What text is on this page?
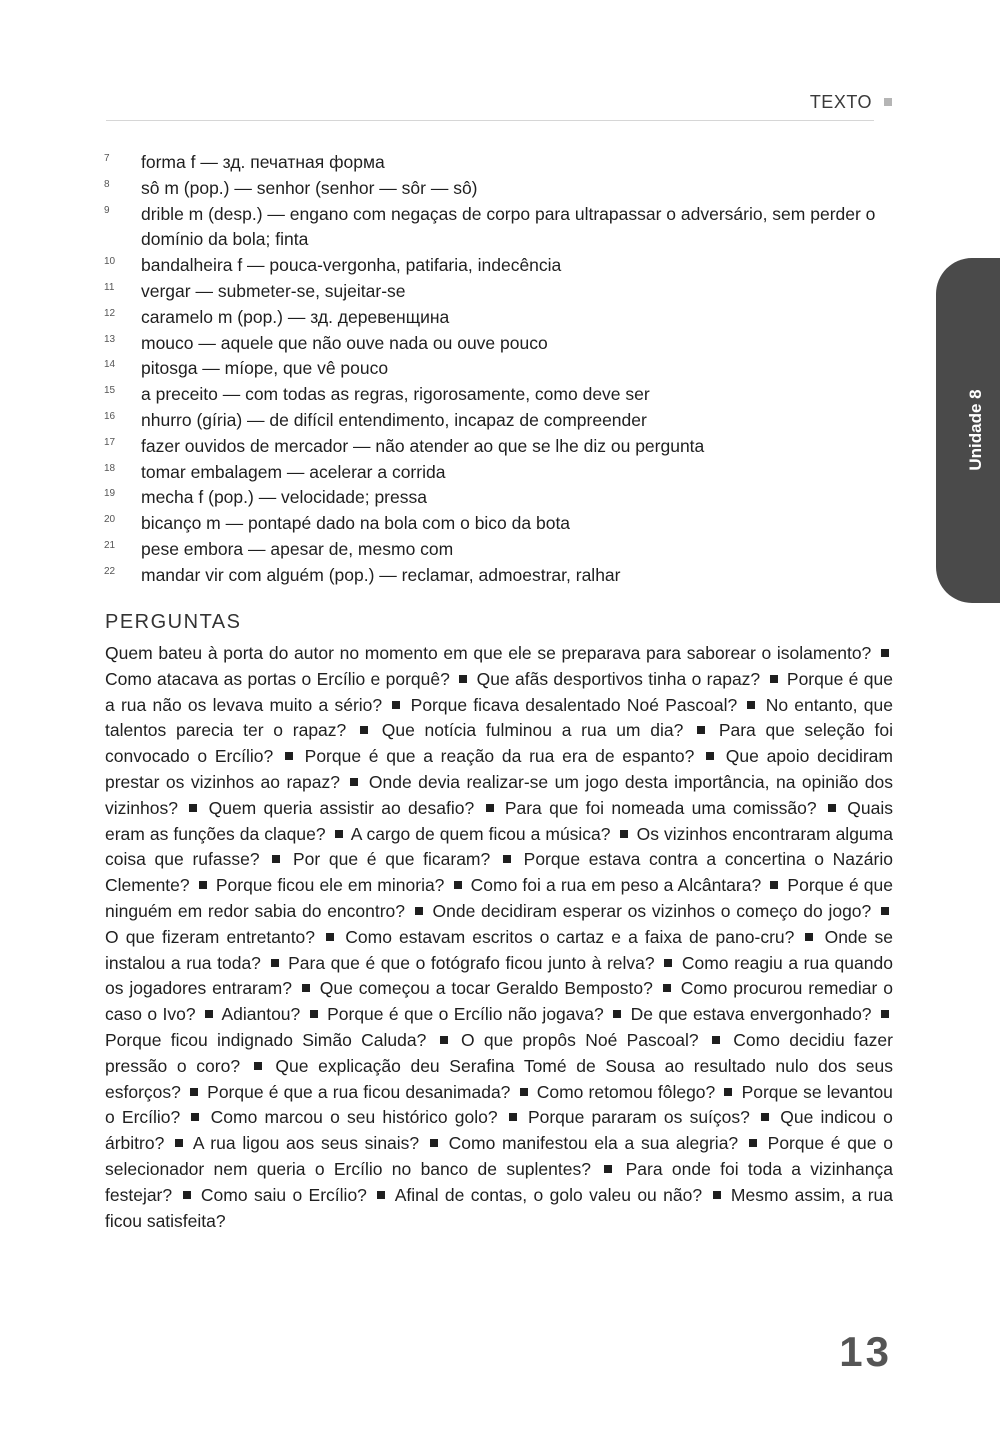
TEXTO
7	forma f — зд. печатная форма
8	sô m (pop.) — senhor (senhor — sôr — sô)
9	drible m (desp.) — engano com negaças de corpo para ultrapassar o adversário, sem perder o domínio da bola; finta
10	bandalheira f — pouca-vergonha, patifaria, indecência
11	vergar — submeter-se, sujeitar-se
12	caramelo m (pop.) — зд. деревенщина
13	mouco — aquele que não ouve nada ou ouve pouco
14	pitosga — míope, que vê pouco
15	a preceito — com todas as regras, rigorosamente, como deve ser
16	nhurro (gíria) — de difícil entendimento, incapaz de compreender
17	fazer ouvidos de mercador — não atender ao que se lhe diz ou pergunta
18	tomar embalagem — acelerar a corrida
19	mecha f (pop.) — velocidade; pressa
20	bicanço m — pontapé dado na bola com o bico da bota
21	pese embora — apesar de, mesmo com
22	mandar vir com alguém (pop.) — reclamar, admoestrar, ralhar
PERGUNTAS
Quem bateu à porta do autor no momento em que ele se preparava para saborear o isolamento?  Como atacava as portas o Ercílio e porquê? Que afãs desportivos tinha o rapaz? Porque é que a rua não os levava muito a sério? Porque ficava desalentado Noé Pascoal? No entanto, que talentos parecia ter o rapaz? Que notícia fulminou a rua um dia? Para que seleção foi convocado o Ercílio? Porque é que a reação da rua era de espanto? Que apoio decidiram prestar os vizinhos ao rapaz? Onde devia realizar-se um jogo desta importância, na opinião dos vizinhos? Quem queria assistir ao desafio? Para que foi nomeada uma comissão? Quais eram as funções da claque? A cargo de quem ficou a música? Os vizinhos encontraram alguma coisa que rufasse? Por que é que ficaram? Porque estava contra a concertina o Nazário Clemente? Porque ficou ele em minoria? Como foi a rua em peso a Alcântara? Porque é que ninguém em redor sabia do encontro? Onde decidiram esperar os vizinhos o começo do jogo?  O que fizeram entretanto? Como estavam escritos o cartaz e a faixa de pano-cru? Onde se instalou a rua toda? Para que é que o fotógrafo ficou junto à relva? Como reagiu a rua quando os jogadores entraram? Que começou a tocar Geraldo Bemposto? Como procurou remediar o caso o Ivo? Adiantou? Porque é que o Ercílio não jogava? De que estava envergonhado?  Porque ficou indignado Simão Caluda? O que propôs Noé Pascoal? Como decidiu fazer pressão o coro? Que explicação deu Serafina Tomé de Sousa ao resultado nulo dos seus esforços? Porque é que a rua ficou desanimada? Como retomou fôlego? Porque se levantou o Ercílio? Como marcou o seu histórico golo? Porque pararam os suíços? Que indicou o árbitro? A rua ligou aos seus sinais? Como manifestou ela a sua alegria? Porque é que o selecionador nem queria o Ercílio no banco de suplentes? Para onde foi toda a vizinhança festejar? Como saiu o Ercílio? Afinal de contas, o golo valeu ou não? Mesmo assim, a rua ficou satisfeita?
Unidade 8
13
